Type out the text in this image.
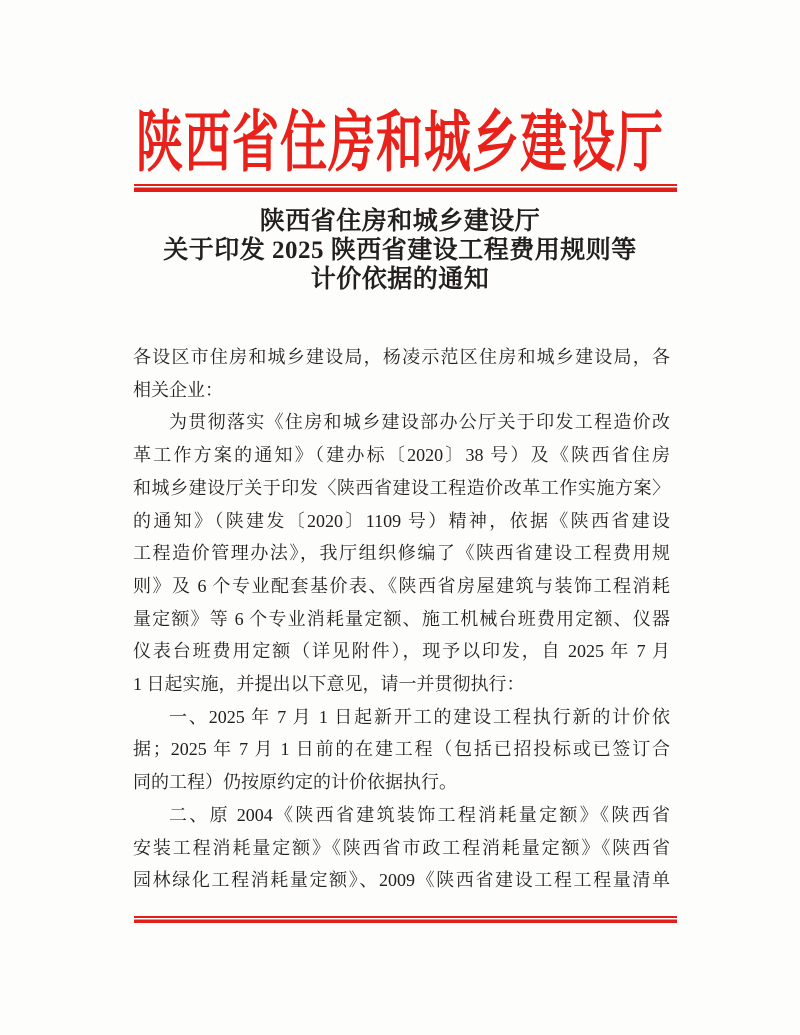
陕西省住房和城乡建设厅
陕西省住房和城乡建设厅
关于印发 2025 陕西省建设工程费用规则等
计价依据的通知
各设区市住房和城乡建设局，杨凌示范区住房和城乡建设局，各
相关企业：
为贯彻落实《住房和城乡建设部办公厅关于印发工程造价改
革工作方案的通知》（建办标〔2020〕38 号）及《陕西省住房
和城乡建设厅关于印发〈陕西省建设工程造价改革工作实施方案〉
的通知》（陕建发〔2020〕1109 号）精神，依据《陕西省建设
工程造价管理办法》，我厅组织修编了《陕西省建设工程费用规
则》及 6 个专业配套基价表、《陕西省房屋建筑与装饰工程消耗
量定额》等 6 个专业消耗量定额、施工机械台班费用定额、仪器
仪表台班费用定额（详见附件），现予以印发，自 2025 年 7 月
1 日起实施，并提出以下意见，请一并贯彻执行：
一、2025 年 7 月 1 日起新开工的建设工程执行新的计价依
据；2025 年 7 月 1 日前的在建工程（包括已招投标或已签订合
同的工程）仍按原约定的计价依据执行。
二、原 2004《陕西省建筑装饰工程消耗量定额》《陕西省
安装工程消耗量定额》《陕西省市政工程消耗量定额》《陕西省
园林绿化工程消耗量定额》、2009《陕西省建设工程工程量清单
